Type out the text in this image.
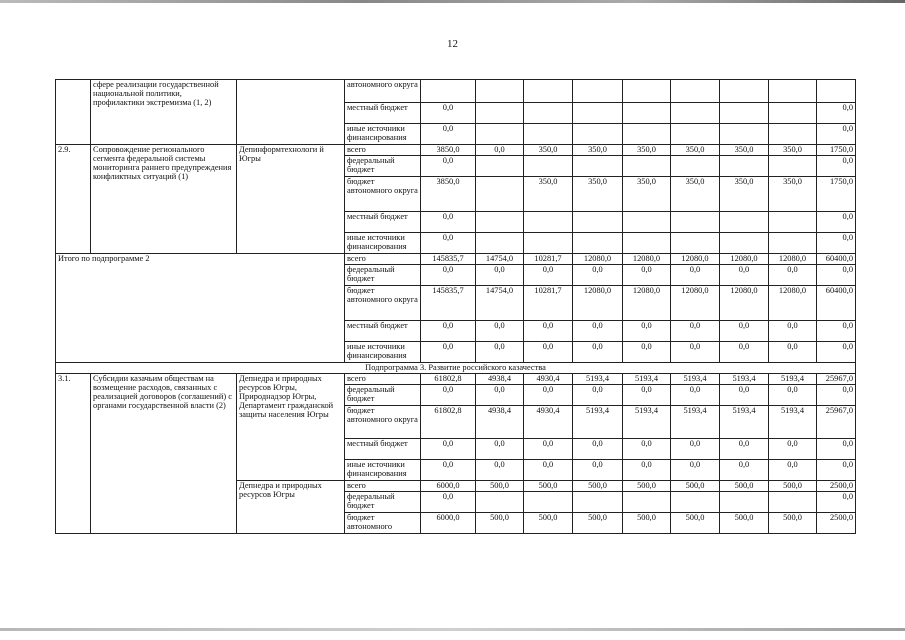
12
	сфере реализации государственной национальной политики, профилактики экстремизма (1, 2)		автономного округа									
			местный бюджет	0,0								0,0
			иные источники финансирования	0,0								0,0
2.9.	Сопровождение регионального сегмента федеральной системы мониторинга раннего предупреждения конфликтных ситуаций (1)	Депинформтехнологи й Югры	всего	3850,0	0,0	350,0	350,0	350,0	350,0	350,0	350,0	1750,0
			федеральный бюджет	0,0								0,0
			бюджет автономного округа	3850,0		350,0	350,0	350,0	350,0	350,0	350,0	1750,0
			местный бюджет	0,0								0,0
			иные источники финансирования	0,0								0,0
Итого по подпрограмме 2			всего	145835,7	14754,0	10281,7	12080,0	12080,0	12080,0	12080,0	12080,0	60400,0
			федеральный бюджет	0,0	0,0	0,0	0,0	0,0	0,0	0,0	0,0	0,0
			бюджет автономного округа	145835,7	14754,0	10281,7	12080,0	12080,0	12080,0	12080,0	12080,0	60400,0
			местный бюджет	0,0	0,0	0,0	0,0	0,0	0,0	0,0	0,0	0,0
			иные источники финансирования	0,0	0,0	0,0	0,0	0,0	0,0	0,0	0,0	0,0
Подпрограмма 3. Развитие российского казачества												
3.1.	Субсидии казачьим обществам на возмещение расходов, связанных с реализацией договоров (соглашений) с органами государственной власти (2)	Депнедра и природных ресурсов Югры, Природнадзор Югры, Департамент гражданской защиты населения Югры	всего	61802,8	4938,4	4930,4	5193,4	5193,4	5193,4	5193,4	5193,4	25967,0
			федеральный бюджет	0,0	0,0	0,0	0,0	0,0	0,0	0,0	0,0	0,0
			бюджет автономного округа	61802,8	4938,4	4930,4	5193,4	5193,4	5193,4	5193,4	5193,4	25967,0
			местный бюджет	0,0	0,0	0,0	0,0	0,0	0,0	0,0	0,0	0,0
			иные источники финансирования	0,0	0,0	0,0	0,0	0,0	0,0	0,0	0,0	0,0
		Депнедра и природных ресурсов Югры	всего	6000,0	500,0	500,0	500,0	500,0	500,0	500,0	500,0	2500,0
			федеральный бюджет	0,0								0,0
			бюджет автономного	6000,0	500,0	500,0	500,0	500,0	500,0	500,0	500,0	2500,0
